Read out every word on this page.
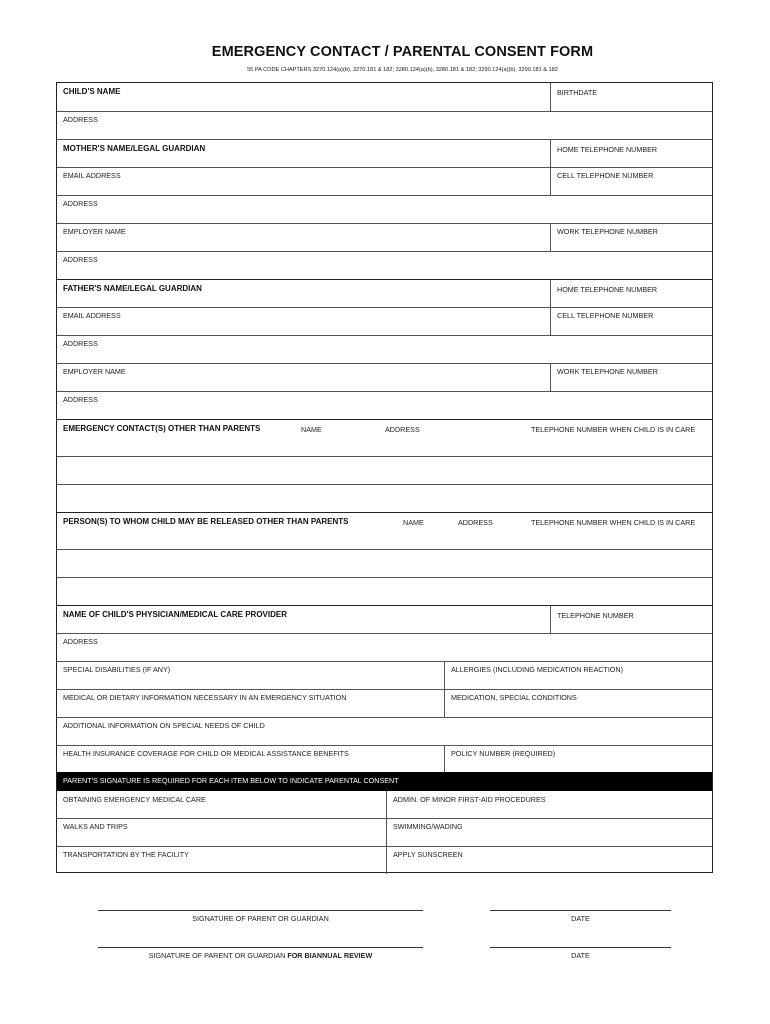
EMERGENCY CONTACT / PARENTAL CONSENT FORM
55 PA CODE CHAPTERS 3270.124(a)(b), 3270.181 & 182; 3280.124(a)(b), 3280.181 & 182; 3290.124(a)(b), 3290.181 & 182
CHILD'S NAME	BIRTHDATE
ADDRESS
MOTHER'S NAME/LEGAL GUARDIAN	HOME TELEPHONE NUMBER
EMAIL ADDRESS	CELL TELEPHONE NUMBER
ADDRESS
EMPLOYER NAME	WORK TELEPHONE NUMBER
ADDRESS
FATHER'S NAME/LEGAL GUARDIAN	HOME TELEPHONE NUMBER
EMAIL ADDRESS	CELL TELEPHONE NUMBER
ADDRESS
EMPLOYER NAME	WORK TELEPHONE NUMBER
ADDRESS
EMERGENCY CONTACT(S) OTHER THAN PARENTS	NAME	ADDRESS	TELEPHONE NUMBER WHEN CHILD IS IN CARE
PERSON(S) TO WHOM CHILD MAY BE RELEASED OTHER THAN PARENTS	NAME	ADDRESS	TELEPHONE NUMBER WHEN CHILD IS IN CARE
NAME OF CHILD'S PHYSICIAN/MEDICAL CARE PROVIDER	TELEPHONE NUMBER
ADDRESS
SPECIAL DISABILITIES (IF ANY)	ALLERGIES (INCLUDING MEDICATION REACTION)
MEDICAL OR DIETARY INFORMATION NECESSARY IN AN EMERGENCY SITUATION	MEDICATION, SPECIAL CONDITIONS
ADDITIONAL INFORMATION ON SPECIAL NEEDS OF CHILD
HEALTH INSURANCE COVERAGE FOR CHILD OR MEDICAL ASSISTANCE BENEFITS	POLICY NUMBER (REQUIRED)
PARENT'S SIGNATURE IS REQUIRED FOR EACH ITEM BELOW TO INDICATE PARENTAL CONSENT
OBTAINING EMERGENCY MEDICAL CARE	ADMIN. OF MINOR FIRST-AID PROCEDURES
WALKS AND TRIPS	SWIMMING/WADING
TRANSPORTATION BY THE FACILITY	APPLY SUNSCREEN
SIGNATURE OF PARENT OR GUARDIAN	DATE
SIGNATURE OF PARENT OR GUARDIAN FOR BIANNUAL REVIEW	DATE
